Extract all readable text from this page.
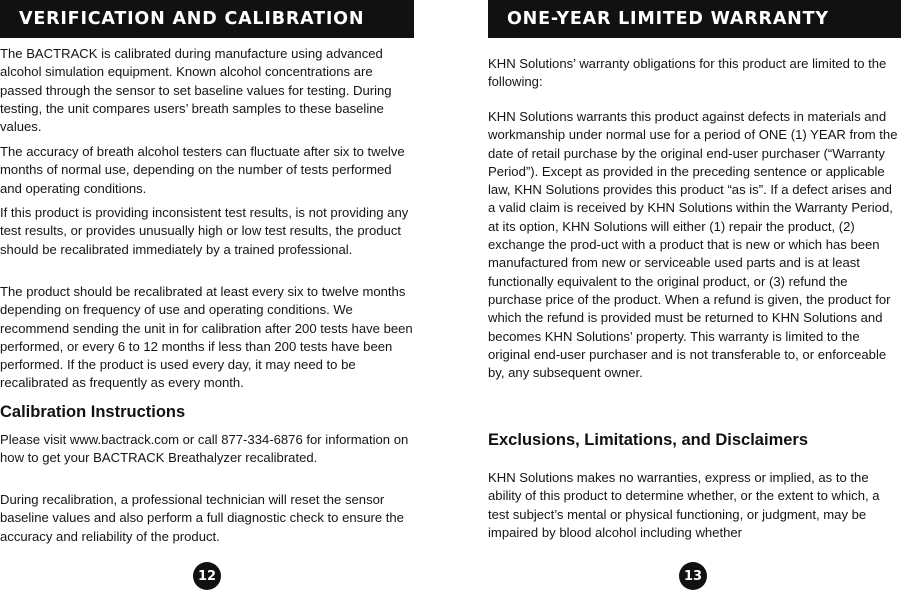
VERIFICATION AND CALIBRATION

The BACTRACK is calibrated during manufacture using advanced alcohol simulation equipment. Known alcohol concentrations are passed through the sensor to set baseline values for testing. During testing, the unit compares users’ breath samples to these baseline values.

The accuracy of breath alcohol testers can fluctuate after six to twelve months of normal use, depending on the number of tests performed and operating conditions.

If this product is providing inconsistent test results, is not providing any test results, or provides unusually high or low test results, the product should be recalibrated immediately by a trained professional.

The product should be recalibrated at least every six to twelve months depending on frequency of use and operating conditions. We recommend sending the unit in for calibration after 200 tests have been performed, or every 6 to 12 months if less than 200 tests have been performed. If the product is used every day, it may need to be recalibrated as frequently as every month.

Calibration Instructions

Please visit www.bactrack.com or call 877-334-6876 for information on how to get your BACTRACK Breathalyzer recalibrated.

During recalibration, a professional technician will reset the sensor baseline values and also perform a full diagnostic check to ensure the accuracy and reliability of the product.

12
ONE-YEAR LIMITED WARRANTY

KHN Solutions’ warranty obligations for this product are limited to the following:

KHN Solutions warrants this product against defects in materials and workmanship under normal use for a period of ONE (1) YEAR from the date of retail purchase by the original end-user purchaser (“Warranty Period”). Except as provided in the preceding sentence or applicable law, KHN Solutions provides this product “as is”. If a defect arises and a valid claim is received by KHN Solutions within the Warranty Period, at its option, KHN Solutions will either (1) repair the product, (2) exchange the prod-uct with a product that is new or which has been manufactured from new or serviceable used parts and is at least functionally equivalent to the original product, or (3) refund the purchase price of the product. When a refund is given, the product for which the refund is provided must be returned to KHN Solutions and becomes KHN Solutions’ property. This warranty is limited to the original end-user purchaser and is not transferable to, or enforceable by, any subsequent owner.

Exclusions, Limitations, and Disclaimers

KHN Solutions makes no warranties, express or implied, as to the ability of this product to determine whether, or the extent to which, a test subject’s mental or physical functioning, or judgment, may be impaired by blood alcohol including whether

13
